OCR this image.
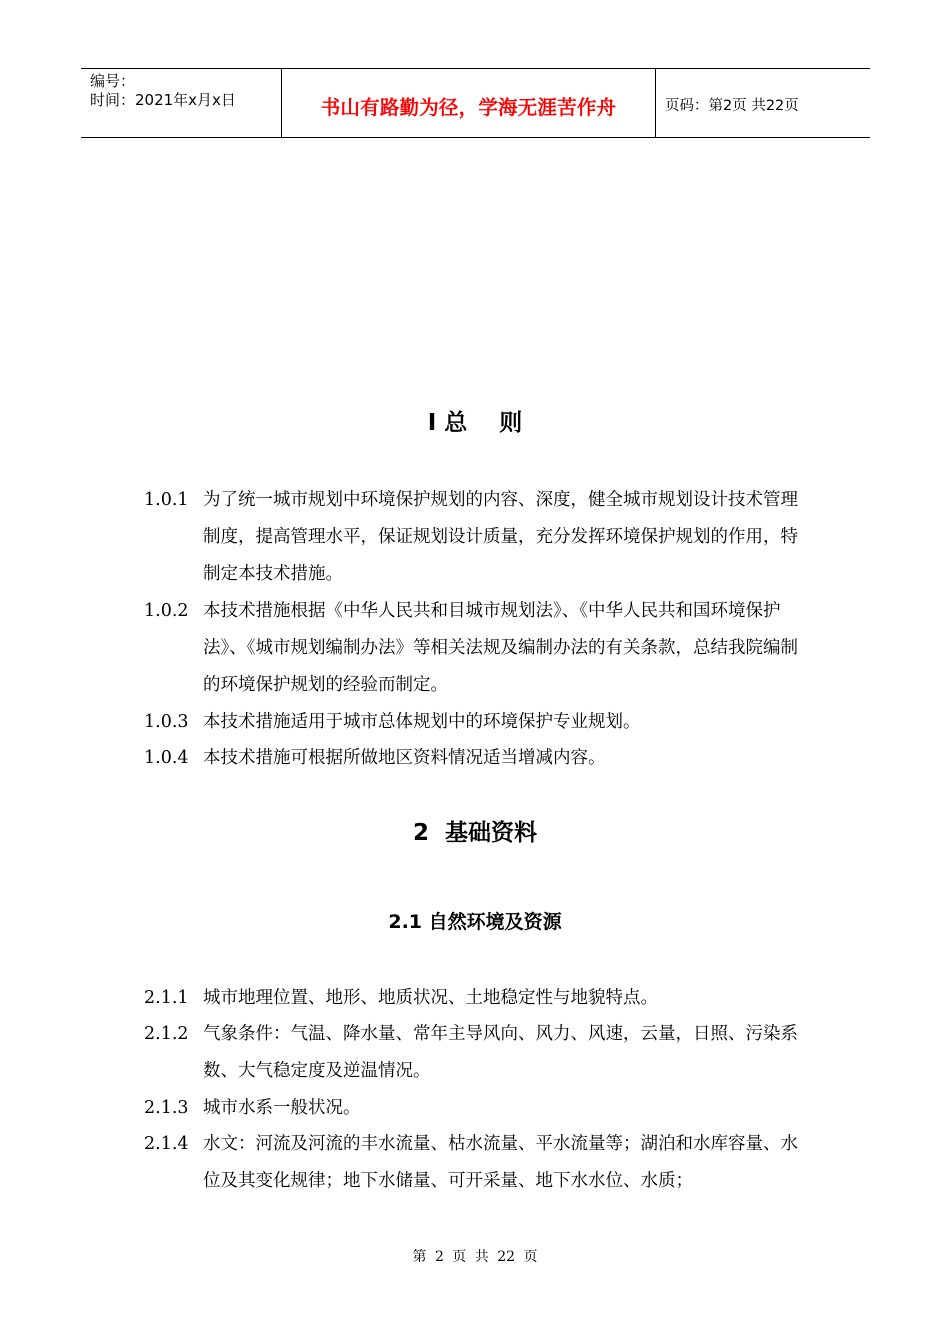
编号：
时间：2021年x月x日	书山有路勤为径，学海无涯苦作舟	页码：第2页 共22页
I 总    则
1.0.1 为了统一城市规划中环境保护规划的内容、深度，健全城市规划设计技术管理制度，提高管理水平，保证规划设计质量，充分发挥环境保护规划的作用，特制定本技术措施。
1.0.2 本技术措施根据《中华人民共和目城市规划法》、《中华人民共和国环境保护法》、《城市规划编制办法》等相关法规及编制办法的有关条款，总结我院编制的环境保护规划的经验而制定。
1.0.3 本技术措施适用于城市总体规划中的环境保护专业规划。
1.0.4 本技术措施可根据所做地区资料情况适当增减内容。
2  基础资料
2.1 自然环境及资源
2.1.1 城市地理位置、地形、地质状况、土地稳定性与地貌特点。
2.1.2 气象条件：气温、降水量、常年主导风向、风力、风速，云量，日照、污染系数、大气稳定度及逆温情况。
2.1.3 城市水系一般状况。
2.1.4 水文：河流及河流的丰水流量、枯水流量、平水流量等；湖泊和水库容量、水位及其变化规律；地下水储量、可开采量、地下水水位、水质；
第 2 页 共 22 页
